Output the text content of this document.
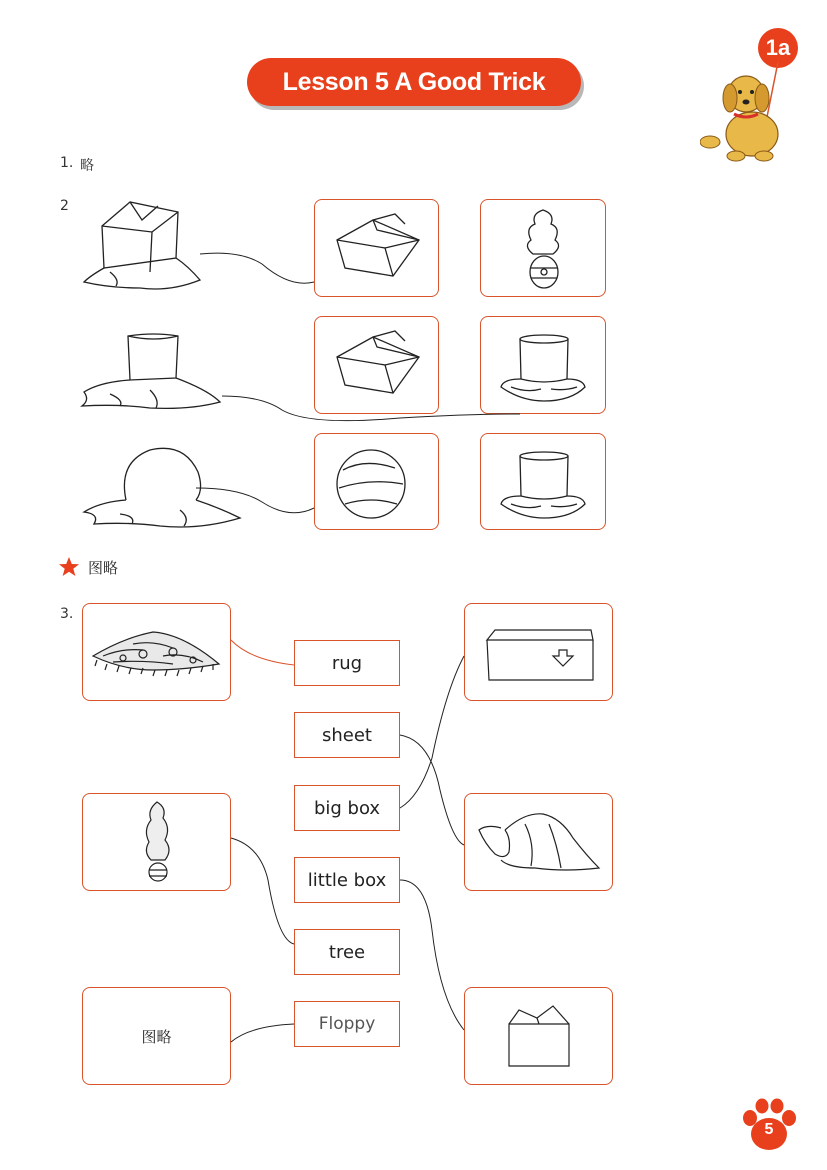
Lesson 5 A Good Trick
1a
1. 略
2
图略
3.
图略
rug
sheet
big box
little box
tree
Floppy
5
